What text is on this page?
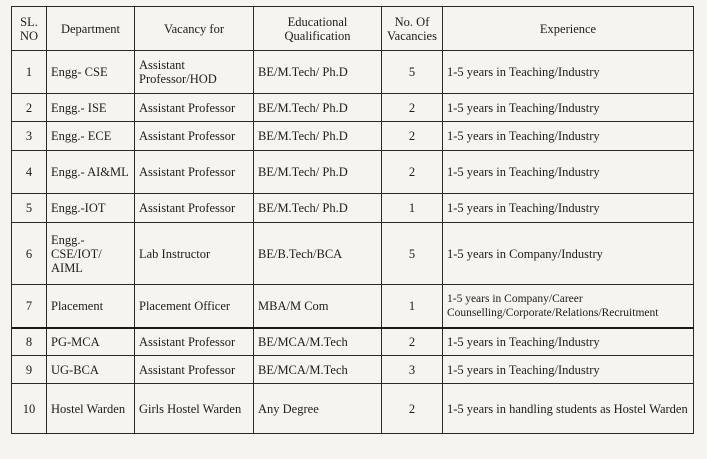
SL. NO	Department	Vacancy for	Educational Qualification	No. Of Vacancies	Experience
1	Engg- CSE	Assistant Professor/HOD	BE/M.Tech/ Ph.D	5	1-5 years in Teaching/Industry
2	Engg.- ISE	Assistant Professor	BE/M.Tech/ Ph.D	2	1-5 years in Teaching/Industry
3	Engg.- ECE	Assistant Professor	BE/M.Tech/ Ph.D	2	1-5 years in Teaching/Industry
4	Engg.- AI&ML	Assistant Professor	BE/M.Tech/ Ph.D	2	1-5 years in Teaching/Industry
5	Engg.-IOT	Assistant Professor	BE/M.Tech/ Ph.D	1	1-5 years in Teaching/Industry
6	Engg.- CSE/IOT/ AIML	Lab Instructor	BE/B.Tech/BCA	5	1-5 years in Company/Industry
7	Placement	Placement Officer	MBA/M Com	1	1-5 years in Company/Career Counselling/Corporate/Relations/Recruitment
8	PG-MCA	Assistant Professor	BE/MCA/M.Tech	2	1-5 years in Teaching/Industry
9	UG-BCA	Assistant Professor	BE/MCA/M.Tech	3	1-5 years in Teaching/Industry
10	Hostel Warden	Girls Hostel Warden	Any Degree	2	1-5 years in handling students as Hostel Warden
